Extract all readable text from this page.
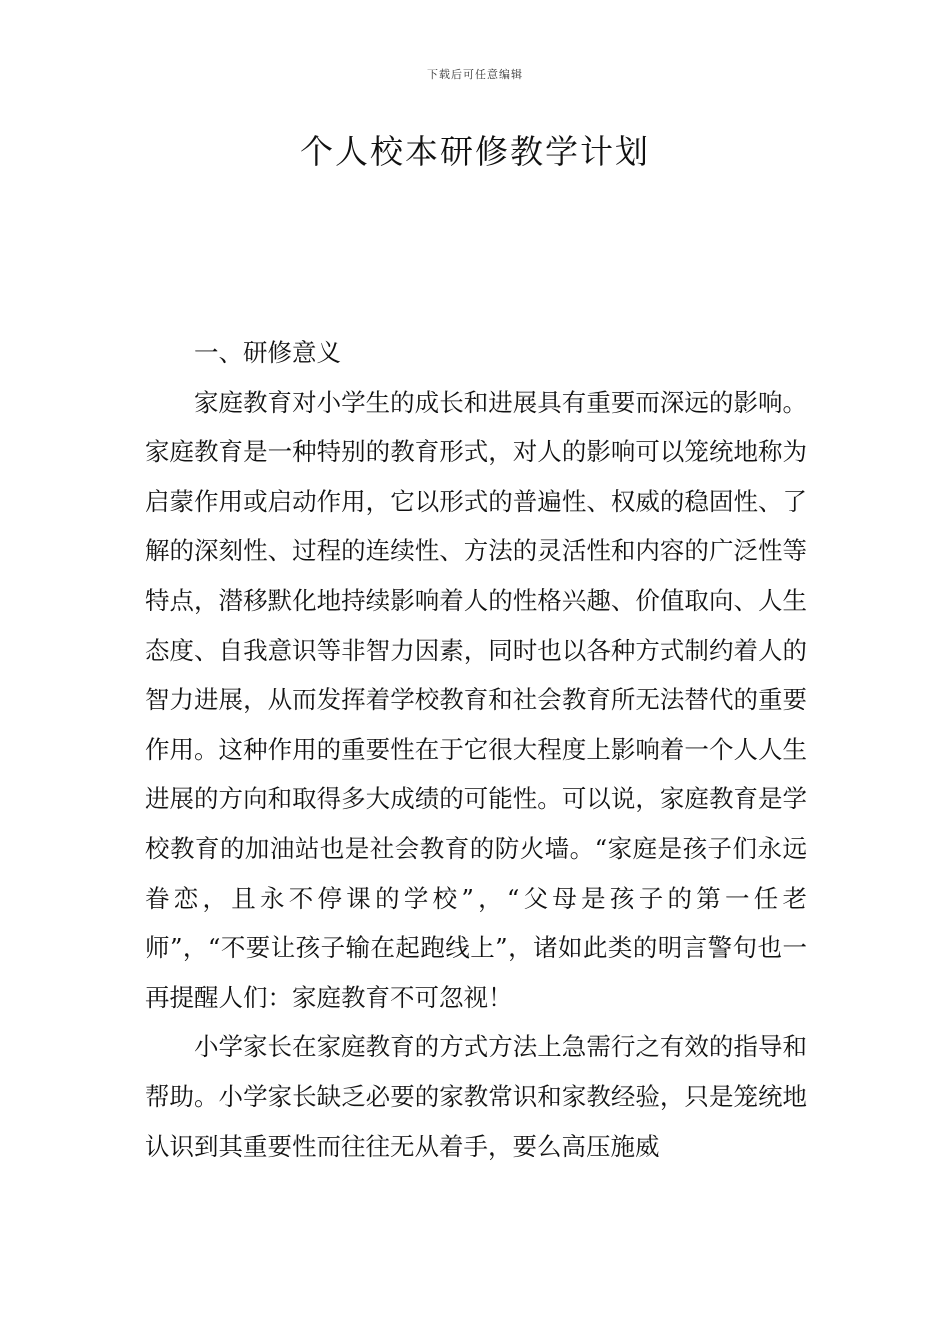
下载后可任意编辑
个人校本研修教学计划

一、研修意义

家庭教育对小学生的成长和进展具有重要而深远的影响。家庭教育是一种特别的教育形式，对人的影响可以笼统地称为启蒙作用或启动作用，它以形式的普遍性、权威的稳固性、了解的深刻性、过程的连续性、方法的灵活性和内容的广泛性等特点，潜移默化地持续影响着人的性格兴趣、价值取向、人生态度、自我意识等非智力因素，同时也以各种方式制约着人的智力进展，从而发挥着学校教育和社会教育所无法替代的重要作用。这种作用的重要性在于它很大程度上影响着一个人人生进展的方向和取得多大成绩的可能性。可以说，家庭教育是学校教育的加油站也是社会教育的防火墙。“家庭是孩子们永远眷恋，且永不停课的学校”，“父母是孩子的第一任老师”，“不要让孩子输在起跑线上”，诸如此类的明言警句也一再提醒人们：家庭教育不可忽视！

小学家长在家庭教育的方式方法上急需行之有效的指导和帮助。小学家长缺乏必要的家教常识和家教经验，只是笼统地认识到其重要性而往往无从着手，要么高压施威
